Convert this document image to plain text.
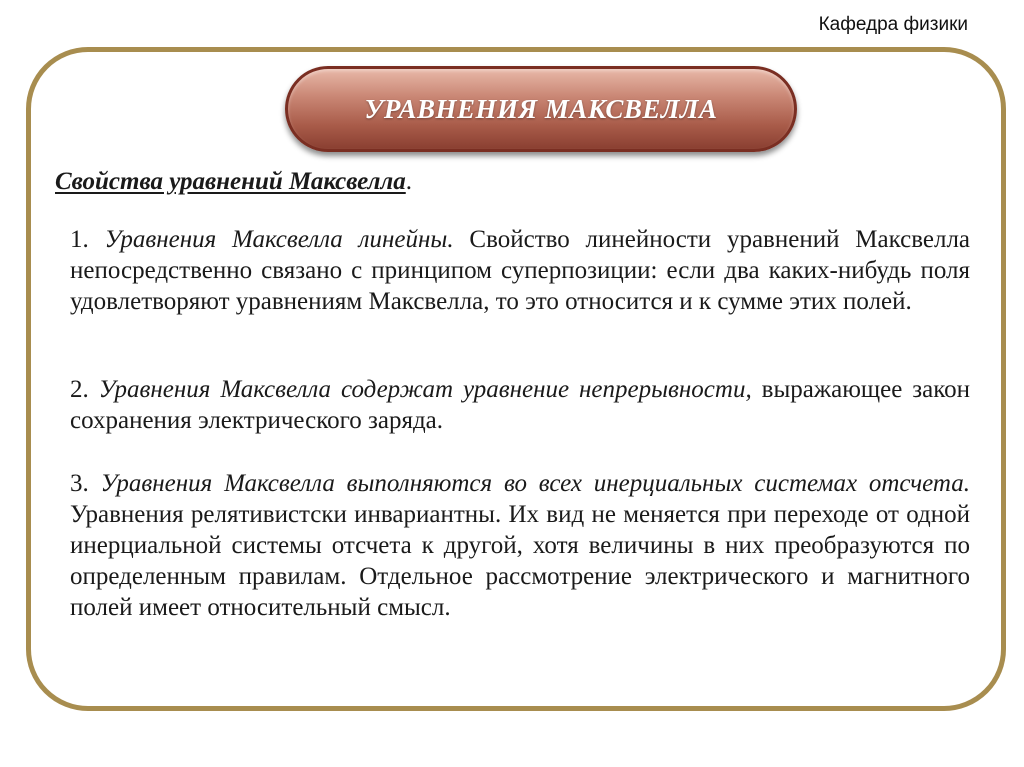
Кафедра физики
УРАВНЕНИЯ МАКСВЕЛЛА
Свойства уравнений Максвелла.
1. Уравнения Максвелла линейны. Свойство линейности уравнений Максвелла непосредственно связано с принципом суперпозиции: если два каких-нибудь поля удовлетворяют уравнениям Максвелла, то это относится и к сумме этих полей.
2. Уравнения Максвелла содержат уравнение непрерывности, выражающее закон сохранения электрического заряда.
3. Уравнения Максвелла выполняются во всех инерциальных системах отсчета. Уравнения релятивистски инвариантны. Их вид не меняется при переходе от одной инерциальной системы отсчета к другой, хотя величины в них преобразуются по определенным правилам. Отдельное рассмотрение электрического и магнитного полей имеет относительный смысл.
